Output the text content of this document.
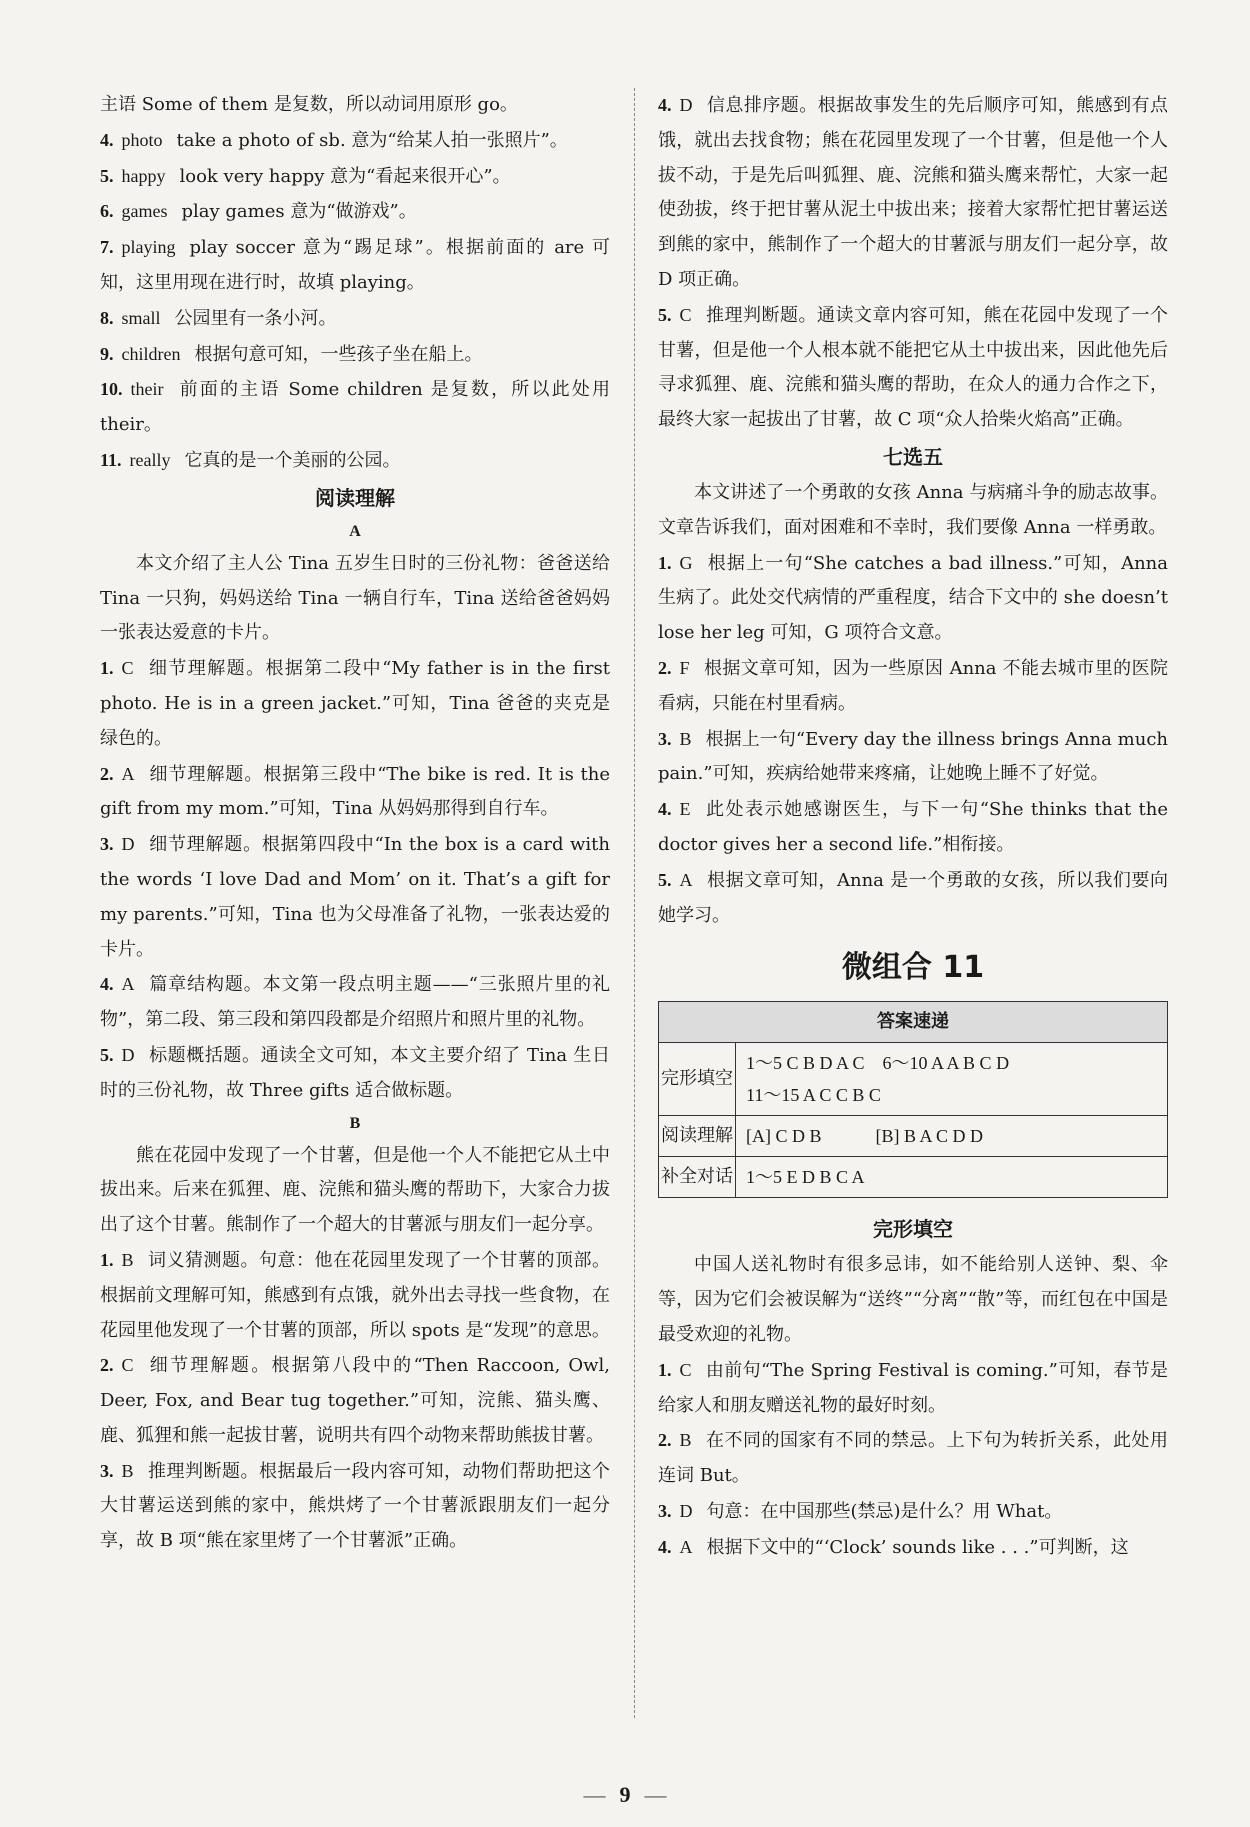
主语 Some of them 是复数，所以动词用原形 go。

4. photo take a photo of sb. 意为“给某人拍一张照片”。

5. happy look very happy 意为“看起来很开心”。

6. games play games 意为“做游戏”。

7. playing play soccer 意为“踢足球”。根据前面的 are 可知，这里用现在进行时，故填 playing。

8. small 公园里有一条小河。

9. children 根据句意可知，一些孩子坐在船上。

10. their 前面的主语 Some children 是复数，所以此处用 their。

11. really 它真的是一个美丽的公园。

阅读理解

A

本文介绍了主人公 Tina 五岁生日时的三份礼物：爸爸送给 Tina 一只狗，妈妈送给 Tina 一辆自行车，Tina 送给爸爸妈妈一张表达爱意的卡片。

1. C 细节理解题。根据第二段中“My father is in the first photo. He is in a green jacket.”可知，Tina 爸爸的夹克是绿色的。

2. A 细节理解题。根据第三段中“The bike is red. It is the gift from my mom.”可知，Tina 从妈妈那得到自行车。

3. D 细节理解题。根据第四段中“In the box is a card with the words ‘I love Dad and Mom’ on it. That’s a gift for my parents.”可知，Tina 也为父母准备了礼物，一张表达爱的卡片。

4. A 篇章结构题。本文第一段点明主题——“三张照片里的礼物”，第二段、第三段和第四段都是介绍照片和照片里的礼物。

5. D 标题概括题。通读全文可知，本文主要介绍了 Tina 生日时的三份礼物，故 Three gifts 适合做标题。

B

熊在花园中发现了一个甘薯，但是他一个人不能把它从土中拔出来。后来在狐狸、鹿、浣熊和猫头鹰的帮助下，大家合力拔出了这个甘薯。熊制作了一个超大的甘薯派与朋友们一起分享。

1. B 词义猜测题。句意：他在花园里发现了一个甘薯的顶部。根据前文理解可知，熊感到有点饿，就外出去寻找一些食物，在花园里他发现了一个甘薯的顶部，所以 spots 是“发现”的意思。

2. C 细节理解题。根据第八段中的“Then Raccoon, Owl, Deer, Fox, and Bear tug together.”可知，浣熊、猫头鹰、鹿、狐狸和熊一起拔甘薯，说明共有四个动物来帮助熊拔甘薯。

3. B 推理判断题。根据最后一段内容可知，动物们帮助把这个大甘薯运送到熊的家中，熊烘烤了一个甘薯派跟朋友们一起分享，故 B 项“熊在家里烤了一个甘薯派”正确。

4. D 信息排序题。根据故事发生的先后顺序可知，熊感到有点饿，就出去找食物；熊在花园里发现了一个甘薯，但是他一个人拔不动，于是先后叫狐狸、鹿、浣熊和猫头鹰来帮忙，大家一起使劲拔，终于把甘薯从泥土中拔出来；接着大家帮忙把甘薯运送到熊的家中，熊制作了一个超大的甘薯派与朋友们一起分享，故 D 项正确。

5. C 推理判断题。通读文章内容可知，熊在花园中发现了一个甘薯，但是他一个人根本就不能把它从土中拔出来，因此他先后寻求狐狸、鹿、浣熊和猫头鹰的帮助，在众人的通力合作之下，最终大家一起拔出了甘薯，故 C 项“众人拾柴火焰高”正确。

七选五

本文讲述了一个勇敢的女孩 Anna 与病痛斗争的励志故事。文章告诉我们，面对困难和不幸时，我们要像 Anna 一样勇敢。

1. G 根据上一句“She catches a bad illness.”可知，Anna 生病了。此处交代病情的严重程度，结合下文中的 she doesn’t lose her leg 可知，G 项符合文意。

2. F 根据文章可知，因为一些原因 Anna 不能去城市里的医院看病，只能在村里看病。

3. B 根据上一句“Every day the illness brings Anna much pain.”可知，疾病给她带来疼痛，让她晚上睡不了好觉。

4. E 此处表示她感谢医生，与下一句“She thinks that the doctor gives her a second life.”相衔接。

5. A 根据文章可知，Anna 是一个勇敢的女孩，所以我们要向她学习。

微组合 11
答案速递	
完形填空	1～5 C B D A C　6～10 A A B C D
11～15 A C C B C

阅读理解	[A] C D B　　　[B] B A C D D

补全对话	1～5 E D B C A

完形填空

中国人送礼物时有很多忌讳，如不能给别人送钟、梨、伞等，因为它们会被误解为“送终”“分离”“散”等，而红包在中国是最受欢迎的礼物。

1. C 由前句“The Spring Festival is coming.”可知，春节是给家人和朋友赠送礼物的最好时刻。

2. B 在不同的国家有不同的禁忌。上下句为转折关系，此处用连词 But。

3. D 句意：在中国那些(禁忌)是什么？用 What。

4. A 根据下文中的“‘Clock’ sounds like . . .”可判断，这

— 9 —
